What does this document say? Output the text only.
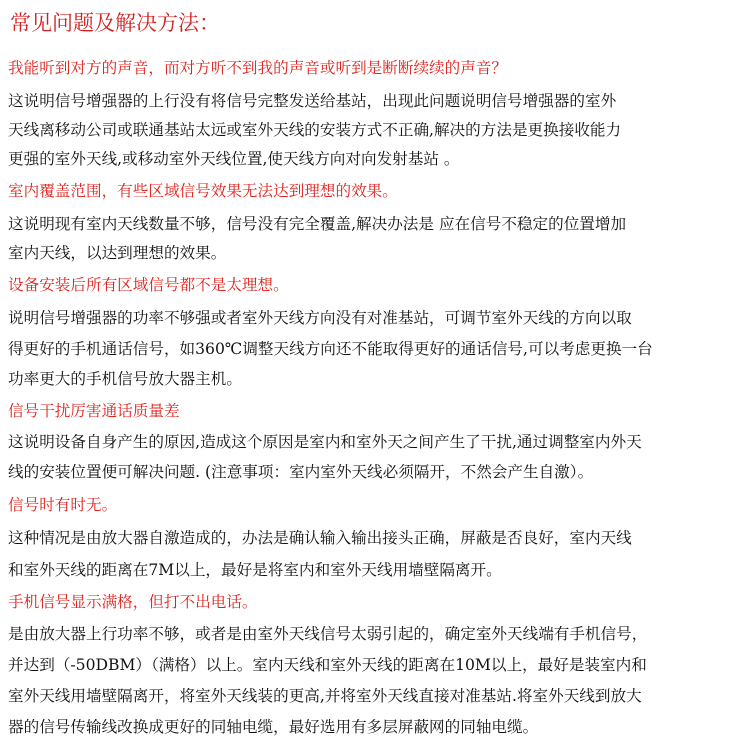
常见问题及解决方法：
我能听到对方的声音，而对方听不到我的声音或听到是断断续续的声音？
这说明信号增强器的上行没有将信号完整发送给基站，出现此问题说明信号增强器的室外
天线离移动公司或联通基站太远或室外天线的安装方式不正确,解决的方法是更换接收能力
更强的室外天线,或移动室外天线位置,使天线方向对向发射基站 。
室内覆盖范围，有些区域信号效果无法达到理想的效果。
这说明现有室内天线数量不够，信号没有完全覆盖,解决办法是 应在信号不稳定的位置增加
室内天线，以达到理想的效果。
设备安装后所有区域信号都不是太理想。
说明信号增强器的功率不够强或者室外天线方向没有对准基站，可调节室外天线的方向以取
得更好的手机通话信号，如360℃调整天线方向还不能取得更好的通话信号,可以考虑更换一台
功率更大的手机信号放大器主机。
信号干扰厉害通话质量差
这说明设备自身产生的原因,造成这个原因是室内和室外天之间产生了干扰,通过调整室内外天
线的安装位置便可解决问题. (注意事项：室内室外天线必须隔开，不然会产生自激）。
信号时有时无。
这种情况是由放大器自激造成的，办法是确认输入输出接头正确，屏蔽是否良好，室内天线
和室外天线的距离在7M以上，最好是将室内和室外天线用墙壁隔离开。
手机信号显示满格，但打不出电话。
是由放大器上行功率不够，或者是由室外天线信号太弱引起的，确定室外天线端有手机信号，
并达到（-50DBM）（满格）以上。室内天线和室外天线的距离在10M以上，最好是装室内和
室外天线用墙壁隔离开，将室外天线装的更高,并将室外天线直接对准基站.将室外天线到放大
器的信号传输线改换成更好的同轴电缆，最好选用有多层屏蔽网的同轴电缆。
